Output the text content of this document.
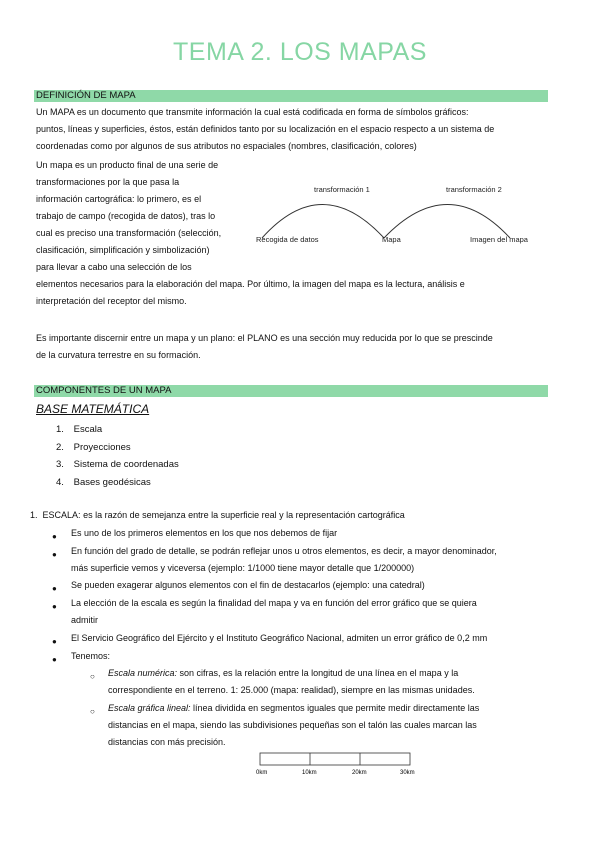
TEMA 2. LOS MAPAS
DEFINICIÓN DE MAPA

Un MAPA es un documento que transmite información la cual está codificada en forma de símbolos gráficos:

puntos, líneas y superficies, éstos, están definidos tanto por su localización en el espacio respecto a un sistema de

coordenadas como por algunos de sus atributos no espaciales (nombres, clasificación, colores)

Un mapa es un producto final de una serie de

transformaciones por la que pasa la

información cartográfica: lo primero, es el

trabajo de campo (recogida de datos), tras lo

cual es preciso una transformación (selección,

clasificación, simplificación y simbolización)

para llevar a cabo una selección de los

elementos necesarios para la elaboración del mapa. Por último, la imagen del mapa es la lectura, análisis e

interpretación del receptor del mismo.

transformación 1	transformación 2
Recogida de datos	Mapa	Imagen del mapa

Es importante discernir entre un mapa y un plano: el PLANO es una sección muy reducida por lo que se prescinde

de la curvatura terrestre en su formación.

COMPONENTES DE UN MAPA
BASE MATEMÁTICA
1. Escala
2. Proyecciones
3. Sistema de coordenadas
4. Bases geodésicas
1. ESCALA: es la razón de semejanza entre la superficie real y la representación cartográfica
● Es uno de los primeros elementos en los que nos debemos de fijar
● En función del grado de detalle, se podrán reflejar unos u otros elementos, es decir, a mayor denominador,
más superficie vemos y viceversa (ejemplo: 1/1000 tiene mayor detalle que 1/200000)
● Se pueden exagerar algunos elementos con el fin de destacarlos (ejemplo: una catedral)
● La elección de la escala es según la finalidad del mapa y va en función del error gráfico que se quiera
admitir
● El Servicio Geográfico del Ejército y el Instituto Geográfico Nacional, admiten un error gráfico de 0,2 mm
● Tenemos:
○ Escala numérica: son cifras, es la relación entre la longitud de una línea en el mapa y la
correspondiente en el terreno. 1: 25.000 (mapa: realidad), siempre en las mismas unidades.
○ Escala gráfica lineal: línea dividida en segmentos iguales que permite medir directamente las
distancias en el mapa, siendo las subdivisiones pequeñas son el talón las cuales marcan las
distancias con más precisión.
0km	10km	20km	30km
